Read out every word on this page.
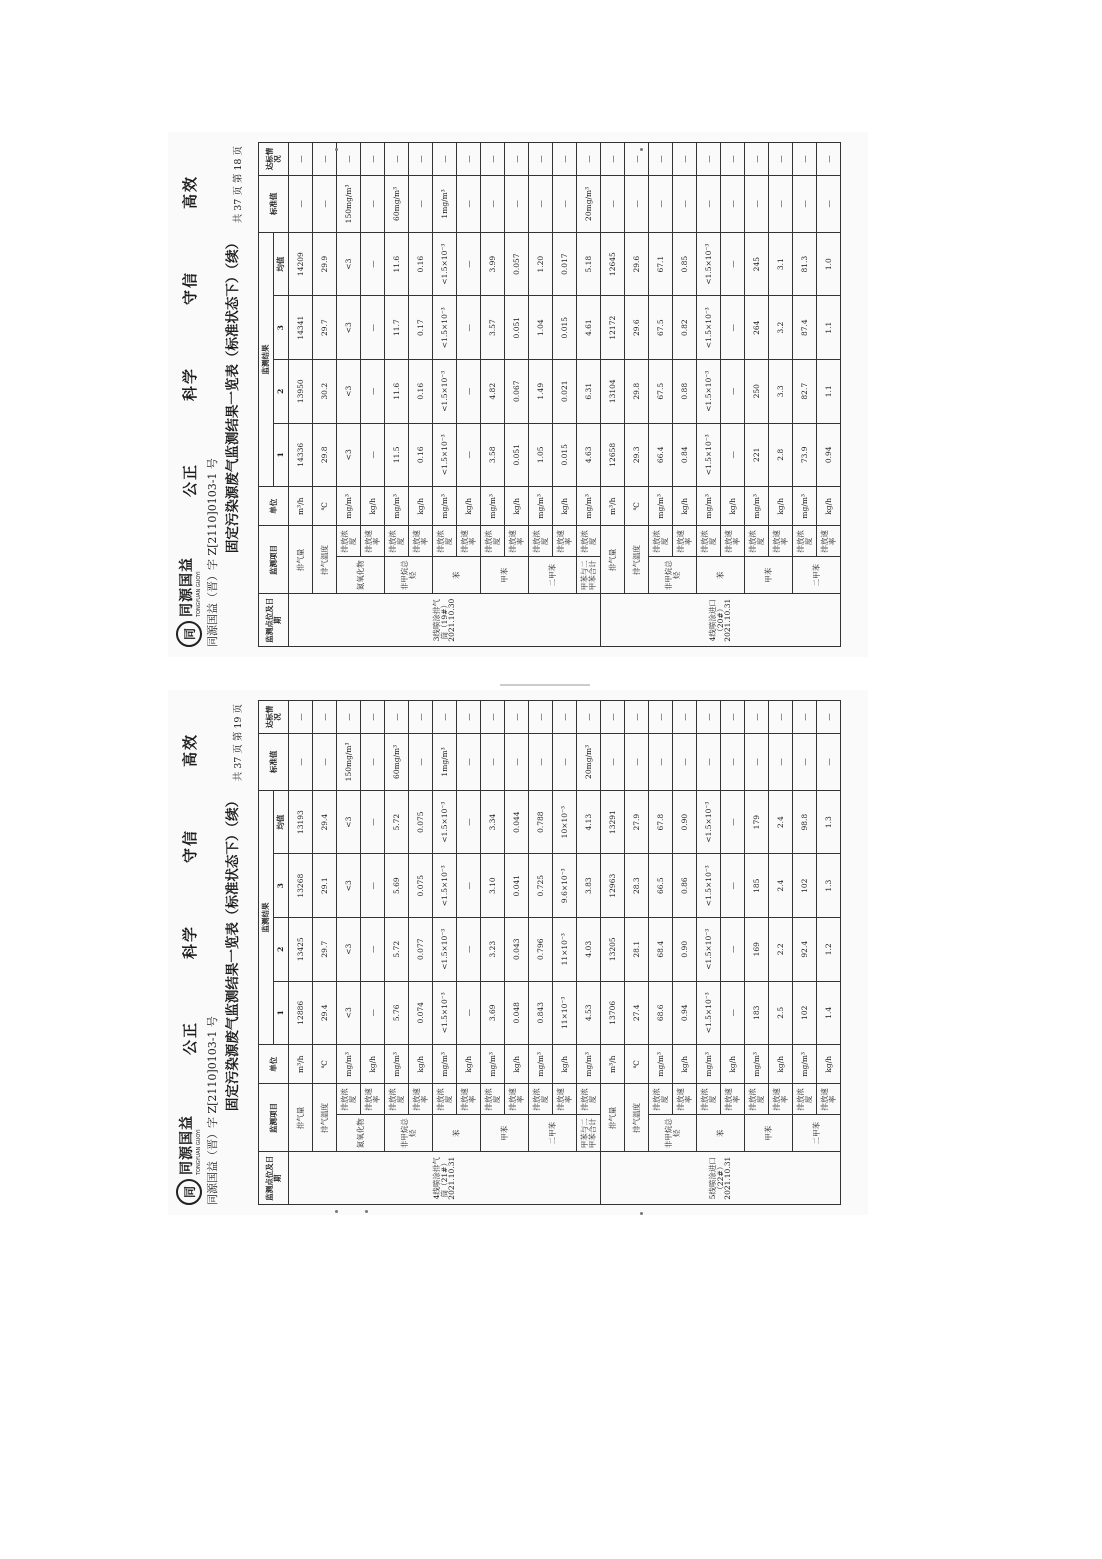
同
同源国益 TONGYUAN GUOYI
公正
科学
守信
高效
同源国益（晋）字 Z[2110]0103-1 号 固定污染源废气监测结果一览表（标准状态下）（续）
共 37 页 第 18 页
监测点位及日期	监测项目		单位	监测结果				标准值	达标情况
				1	2	3	均值		
3线喷涂排气筒（19#）2021.10.30	排气量		m³/h	14336	13950	14341	14209	—	—
	排气温度		℃	29.8	30.2	29.7	29.9	—	—
	氮氧化物	排放浓度	mg/m³	<3	<3	<3	<3	150mg/m³	—
		排放速率	kg/h	—	—	—	—	—	—
	非甲烷总烃	排放浓度	mg/m³	11.5	11.6	11.7	11.6	60mg/m³	—
		排放速率	kg/h	0.16	0.16	0.17	0.16	—	—
	苯	排放浓度	mg/m³	<1.5×10⁻³	<1.5×10⁻³	<1.5×10⁻³	<1.5×10⁻³	1mg/m³	—
		排放速率	kg/h	—	—	—	—	—	—
	甲苯	排放浓度	mg/m³	3.58	4.82	3.57	3.99	—	—
		排放速率	kg/h	0.051	0.067	0.051	0.057	—	—
	二甲苯	排放浓度	mg/m³	1.05	1.49	1.04	1.20	—	—
		排放速率	kg/h	0.015	0.021	0.015	0.017	—	—
	甲苯与二甲苯合计	排放浓度	mg/m³	4.63	6.31	4.61	5.18	20mg/m³	—
4线喷涂进口（20#）2021.10.31	排气量		m³/h	12658	13104	12172	12645	—	—
	排气温度		℃	29.3	29.8	29.6	29.6	—	—
	非甲烷总烃	排放浓度	mg/m³	66.4	67.5	67.5	67.1	—	—
		排放速率	kg/h	0.84	0.88	0.82	0.85	—	—
	苯	排放浓度	mg/m³	<1.5×10⁻³	<1.5×10⁻³	<1.5×10⁻³	<1.5×10⁻³	—	—
		排放速率	kg/h	—	—	—	—	—	—
	甲苯	排放浓度	mg/m³	221	250	264	245	—	—
		排放速率	kg/h	2.8	3.3	3.2	3.1	—	—
	二甲苯	排放浓度	mg/m³	73.9	82.7	87.4	81.3	—	—
		排放速率	kg/h	0.94	1.1	1.1	1.0	—	—
同
同源国益 TONGYUAN GUOYI
公正
科学
守信
高效
同源国益（晋）字 Z[2110]0103-1 号 固定污染源废气监测结果一览表（标准状态下）（续）
共 37 页 第 19 页
监测点位及日期	监测项目		单位	监测结果				标准值	达标情况
				1	2	3	均值		
4线喷涂排气筒（21#）2021.10.31	排气量		m³/h	12886	13425	13268	13193	—	—
	排气温度		℃	29.4	29.7	29.1	29.4	—	—
	氮氧化物	排放浓度	mg/m³	<3	<3	<3	<3	150mg/m³	—
		排放速率	kg/h	—	—	—	—	—	—
	非甲烷总烃	排放浓度	mg/m³	5.76	5.72	5.69	5.72	60mg/m³	—
		排放速率	kg/h	0.074	0.077	0.075	0.075	—	—
	苯	排放浓度	mg/m³	<1.5×10⁻³	<1.5×10⁻³	<1.5×10⁻³	<1.5×10⁻³	1mg/m³	—
		排放速率	kg/h	—	—	—	—	—	—
	甲苯	排放浓度	mg/m³	3.69	3.23	3.10	3.34	—	—
		排放速率	kg/h	0.048	0.043	0.041	0.044	—	—
	二甲苯	排放浓度	mg/m³	0.843	0.796	0.725	0.788	—	—
		排放速率	kg/h	11×10⁻³	11×10⁻³	9.6×10⁻³	10×10⁻³	—	—
	甲苯与二甲苯合计	排放浓度	mg/m³	4.53	4.03	3.83	4.13	20mg/m³	—
5线喷涂进口（22#）2021.10.31	排气量		m³/h	13706	13205	12963	13291	—	—
	排气温度		℃	27.4	28.1	28.3	27.9	—	—
	非甲烷总烃	排放浓度	mg/m³	68.6	68.4	66.5	67.8	—	—
		排放速率	kg/h	0.94	0.90	0.86	0.90	—	—
	苯	排放浓度	mg/m³	<1.5×10⁻³	<1.5×10⁻³	<1.5×10⁻³	<1.5×10⁻³	—	—
		排放速率	kg/h	—	—	—	—	—	—
	甲苯	排放浓度	mg/m³	183	169	185	179	—	—
		排放速率	kg/h	2.5	2.2	2.4	2.4	—	—
	二甲苯	排放浓度	mg/m³	102	92.4	102	98.8	—	—
		排放速率	kg/h	1.4	1.2	1.3	1.3	—	—
